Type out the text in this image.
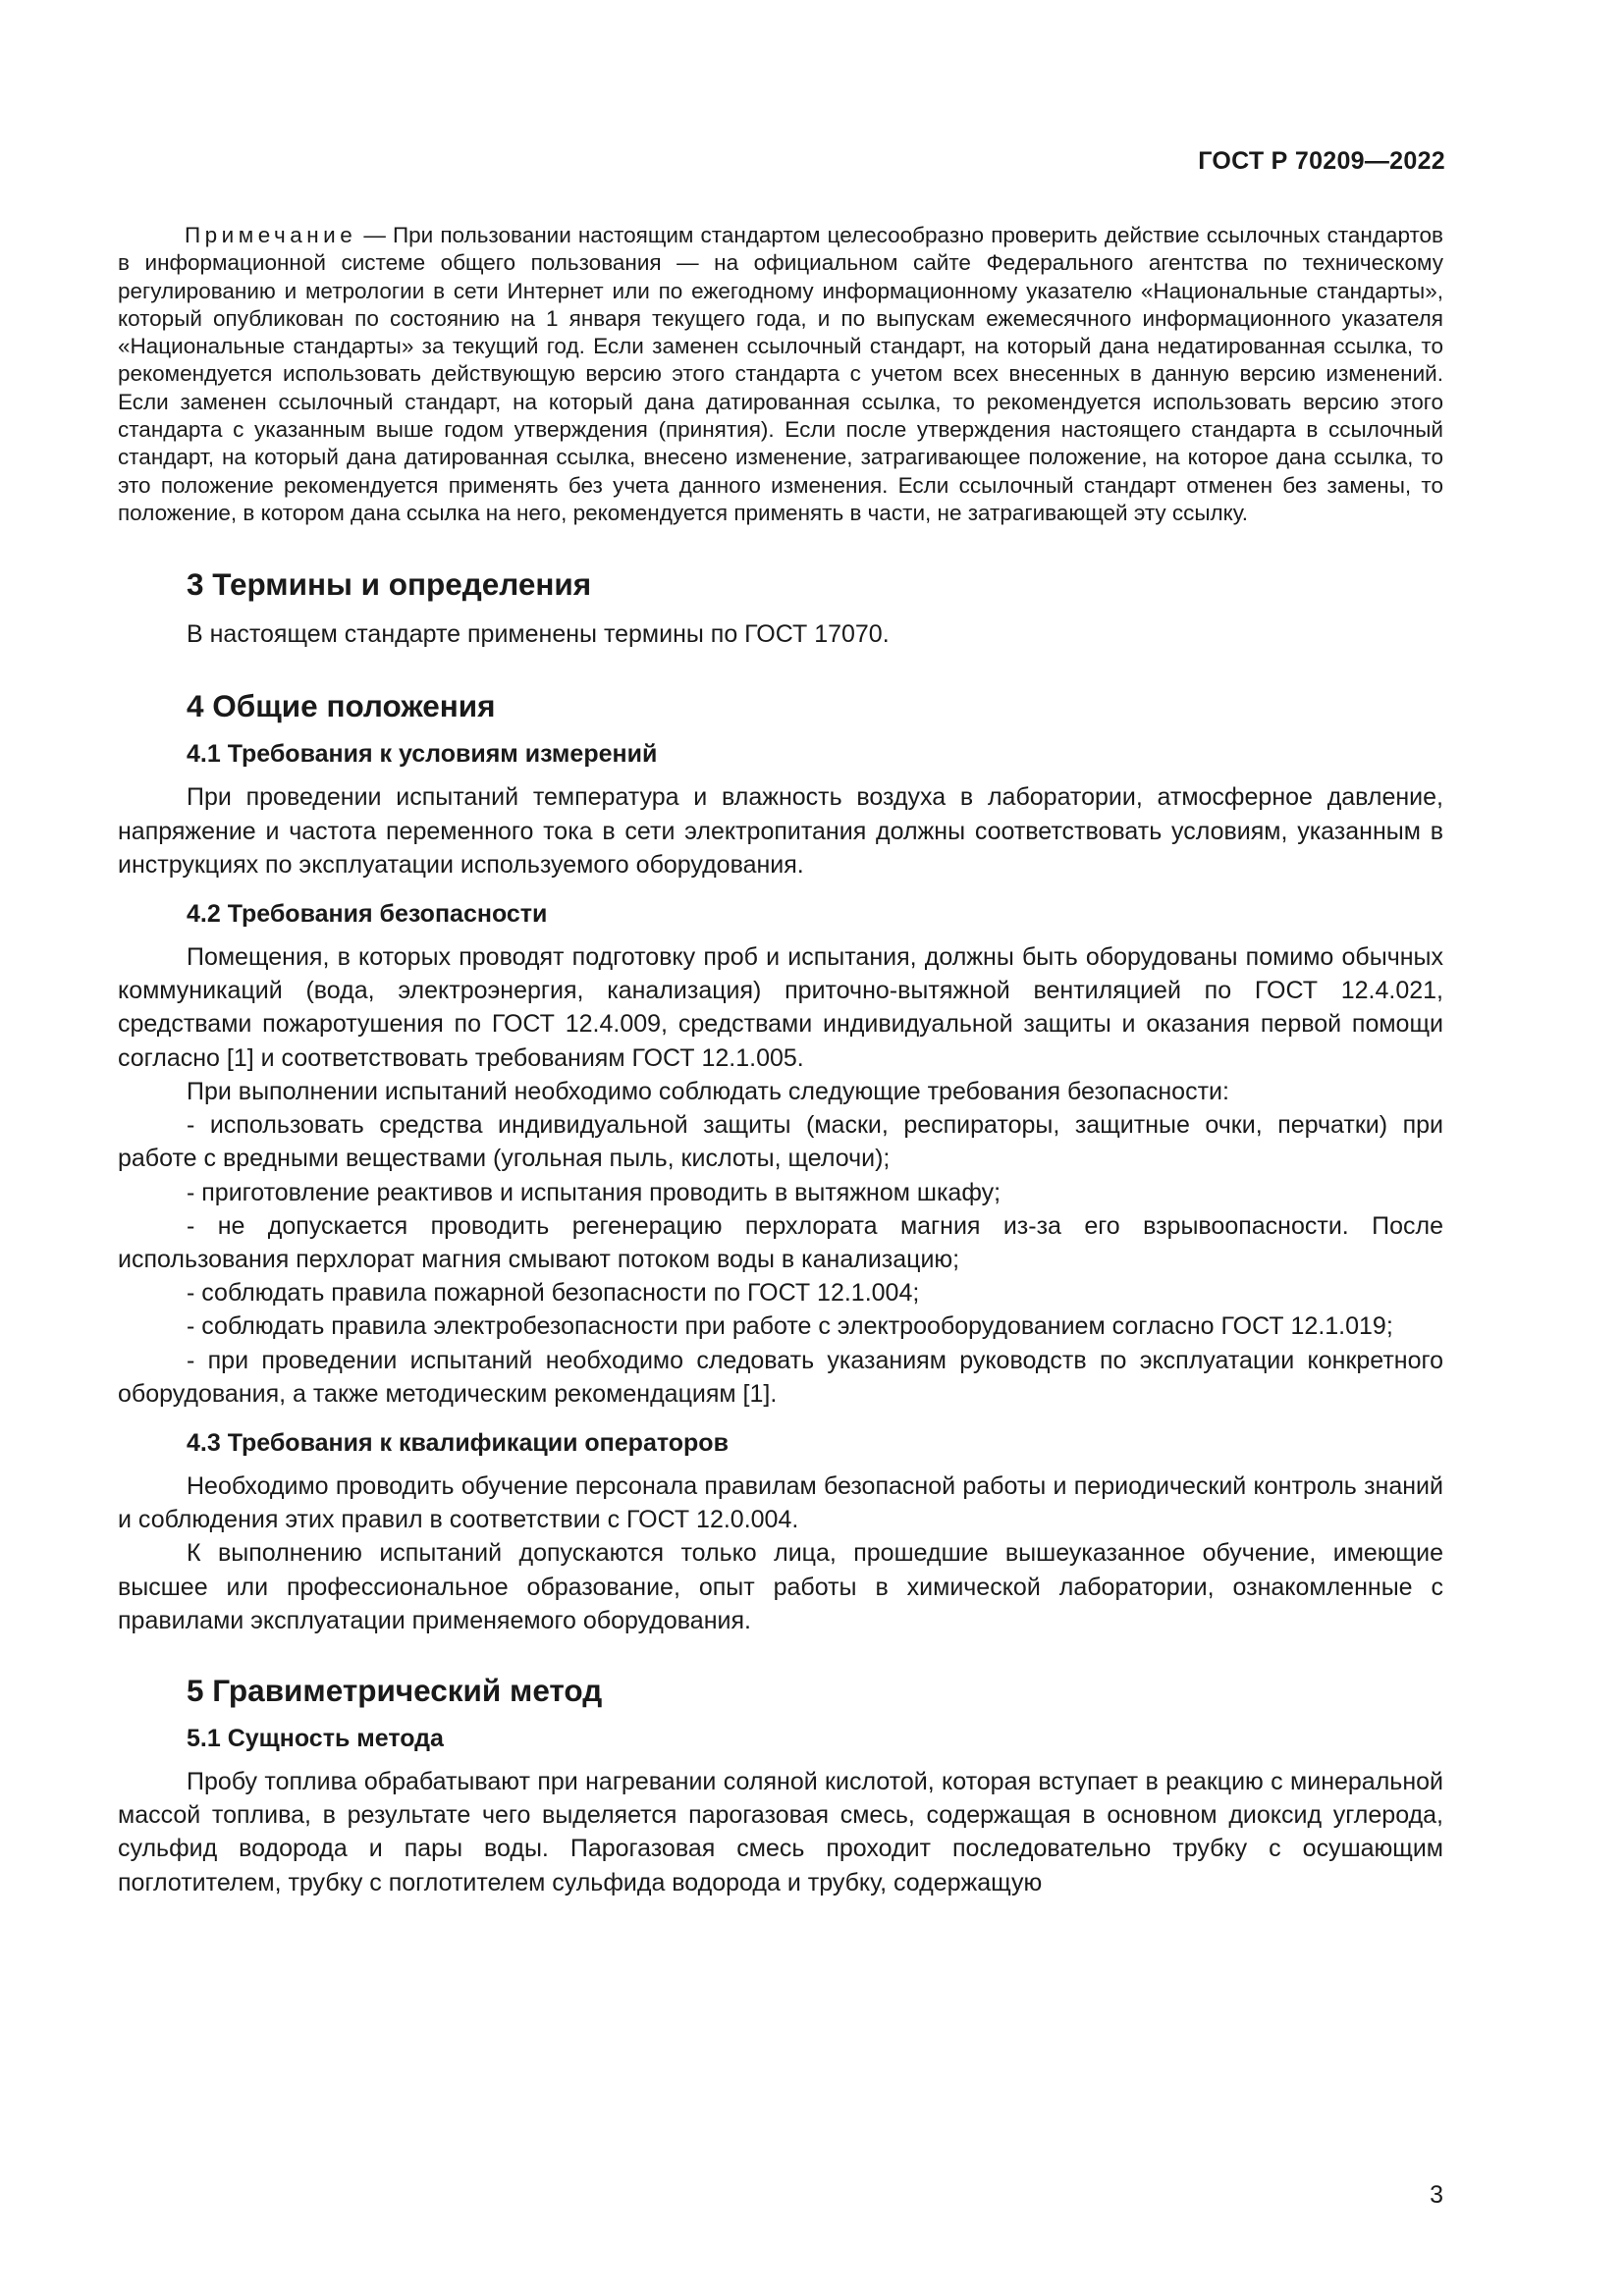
ГОСТ Р 70209—2022

Примечание — При пользовании настоящим стандартом целесообразно проверить действие ссылочных стандартов в информационной системе общего пользования — на официальном сайте Федерального агентства по техническому регулированию и метрологии в сети Интернет или по ежегодному информационному указателю «Национальные стандарты», который опубликован по состоянию на 1 января текущего года, и по выпускам ежемесячного информационного указателя «Национальные стандарты» за текущий год. Если заменен ссылочный стандарт, на который дана недатированная ссылка, то рекомендуется использовать действующую версию этого стандарта с учетом всех внесенных в данную версию изменений. Если заменен ссылочный стандарт, на который дана датированная ссылка, то рекомендуется использовать версию этого стандарта с указанным выше годом утверждения (принятия). Если после утверждения настоящего стандарта в ссылочный стандарт, на который дана датированная ссылка, внесено изменение, затрагивающее положение, на которое дана ссылка, то это положение рекомендуется применять без учета данного изменения. Если ссылочный стандарт отменен без замены, то положение, в котором дана ссылка на него, рекомендуется применять в части, не затрагивающей эту ссылку.

3 Термины и определения

В настоящем стандарте применены термины по ГОСТ 17070.

4 Общие положения
4.1 Требования к условиям измерений

При проведении испытаний температура и влажность воздуха в лаборатории, атмосферное давление, напряжение и частота переменного тока в сети электропитания должны соответствовать условиям, указанным в инструкциях по эксплуатации используемого оборудования.

4.2 Требования безопасности

Помещения, в которых проводят подготовку проб и испытания, должны быть оборудованы помимо обычных коммуникаций (вода, электроэнергия, канализация) приточно-вытяжной вентиляцией по ГОСТ 12.4.021, средствами пожаротушения по ГОСТ 12.4.009, средствами индивидуальной защиты и оказания первой помощи согласно [1] и соответствовать требованиям ГОСТ 12.1.005.

При выполнении испытаний необходимо соблюдать следующие требования безопасности:

- использовать средства индивидуальной защиты (маски, респираторы, защитные очки, перчатки) при работе с вредными веществами (угольная пыль, кислоты, щелочи);

- приготовление реактивов и испытания проводить в вытяжном шкафу;

- не допускается проводить регенерацию перхлората магния из-за его взрывоопасности. После использования перхлорат магния смывают потоком воды в канализацию;

- соблюдать правила пожарной безопасности по ГОСТ 12.1.004;

- соблюдать правила электробезопасности при работе с электрооборудованием согласно ГОСТ 12.1.019;

- при проведении испытаний необходимо следовать указаниям руководств по эксплуатации конкретного оборудования, а также методическим рекомендациям [1].

4.3 Требования к квалификации операторов

Необходимо проводить обучение персонала правилам безопасной работы и периодический контроль знаний и соблюдения этих правил в соответствии с ГОСТ 12.0.004.

К выполнению испытаний допускаются только лица, прошедшие вышеуказанное обучение, имеющие высшее или профессиональное образование, опыт работы в химической лаборатории, ознакомленные с правилами эксплуатации применяемого оборудования.

5 Гравиметрический метод
5.1 Сущность метода

Пробу топлива обрабатывают при нагревании соляной кислотой, которая вступает в реакцию с минеральной массой топлива, в результате чего выделяется парогазовая смесь, содержащая в основном диоксид углерода, сульфид водорода и пары воды. Парогазовая смесь проходит последовательно трубку с осушающим поглотителем, трубку с поглотителем сульфида водорода и трубку, содержащую

3
